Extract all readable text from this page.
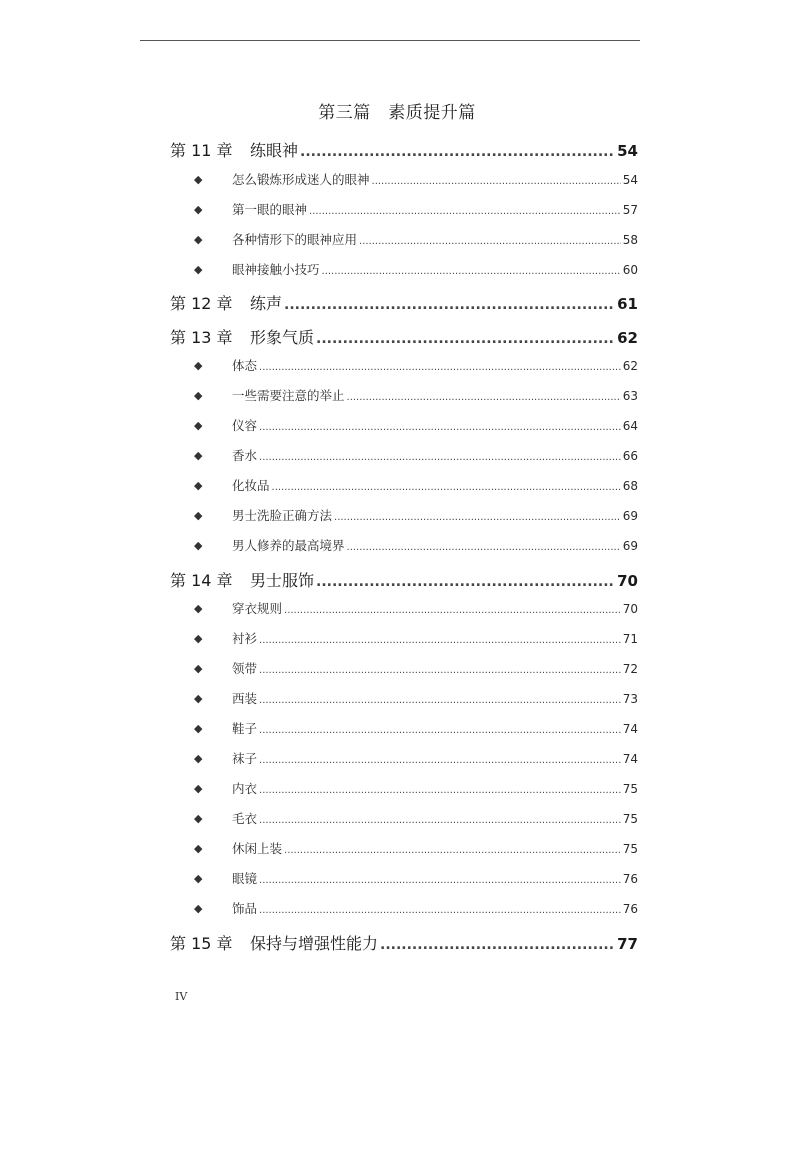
第三篇　素质提升篇
第 11 章	练眼神 .....	54
◆	怎么锻炼形成迷人的眼神 .....	54
◆	第一眼的眼神 .....	57
◆	各种情形下的眼神应用 .....	58
◆	眼神接触小技巧 .....	60
第 12 章	练声 .....	61
第 13 章	形象气质 .....	62
◆	体态 .....	62
◆	一些需要注意的举止 .....	63
◆	仪容 .....	64
◆	香水 .....	66
◆	化妆品 .....	68
◆	男士洗脸正确方法 .....	69
◆	男人修养的最高境界 .....	69
第 14 章	男士服饰 .....	70
◆	穿衣规则 .....	70
◆	衬衫 .....	71
◆	领带 .....	72
◆	西装 .....	73
◆	鞋子 .....	74
◆	袜子 .....	74
◆	内衣 .....	75
◆	毛衣 .....	75
◆	休闲上装 .....	75
◆	眼镜 .....	76
◆	饰品 .....	76
第 15 章	保持与增强性能力 .....	77
IV
